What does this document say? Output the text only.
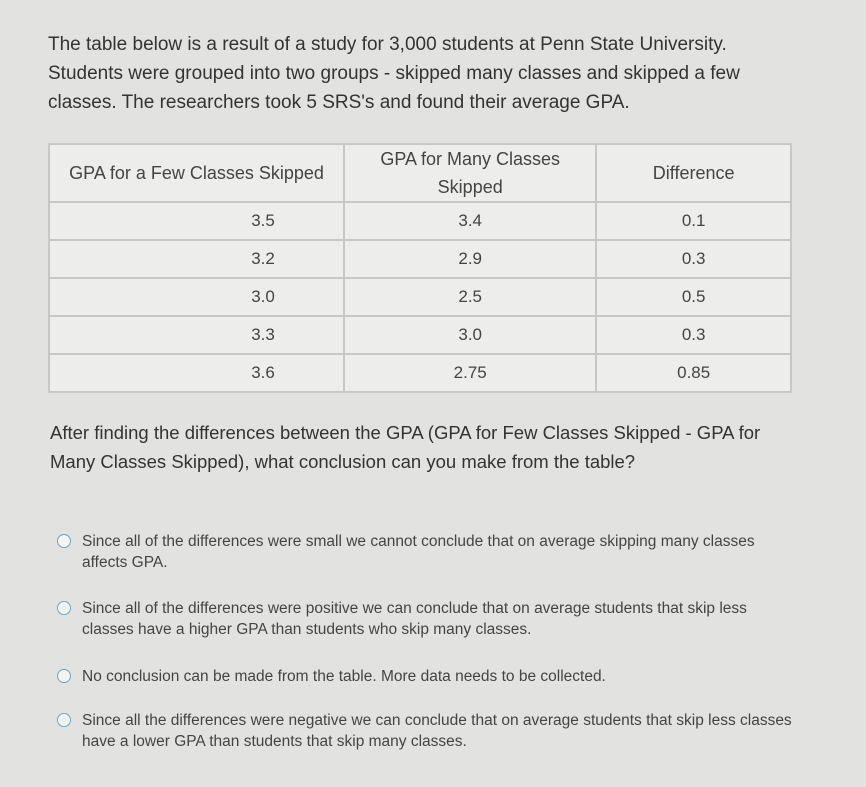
The table below is a result of a study for 3,000 students at Penn State University. Students were grouped into two groups - skipped many classes and skipped a few classes. The researchers took 5 SRS's and found their average GPA.
GPA for a Few Classes Skipped	GPA for Many Classes Skipped	Difference
3.5	3.4	0.1
3.2	2.9	0.3
3.0	2.5	0.5
3.3	3.0	0.3
3.6	2.75	0.85
After finding the differences between the GPA (GPA for Few Classes Skipped - GPA for Many Classes Skipped), what conclusion can you make from the table?
Since all of the differences were small we cannot conclude that on average skipping many classes affects GPA.
Since all of the differences were positive we can conclude that on average students that skip less classes have a higher GPA than students who skip many classes.
No conclusion can be made from the table. More data needs to be collected.
Since all the differences were negative we can conclude that on average students that skip less classes have a lower GPA than students that skip many classes.
